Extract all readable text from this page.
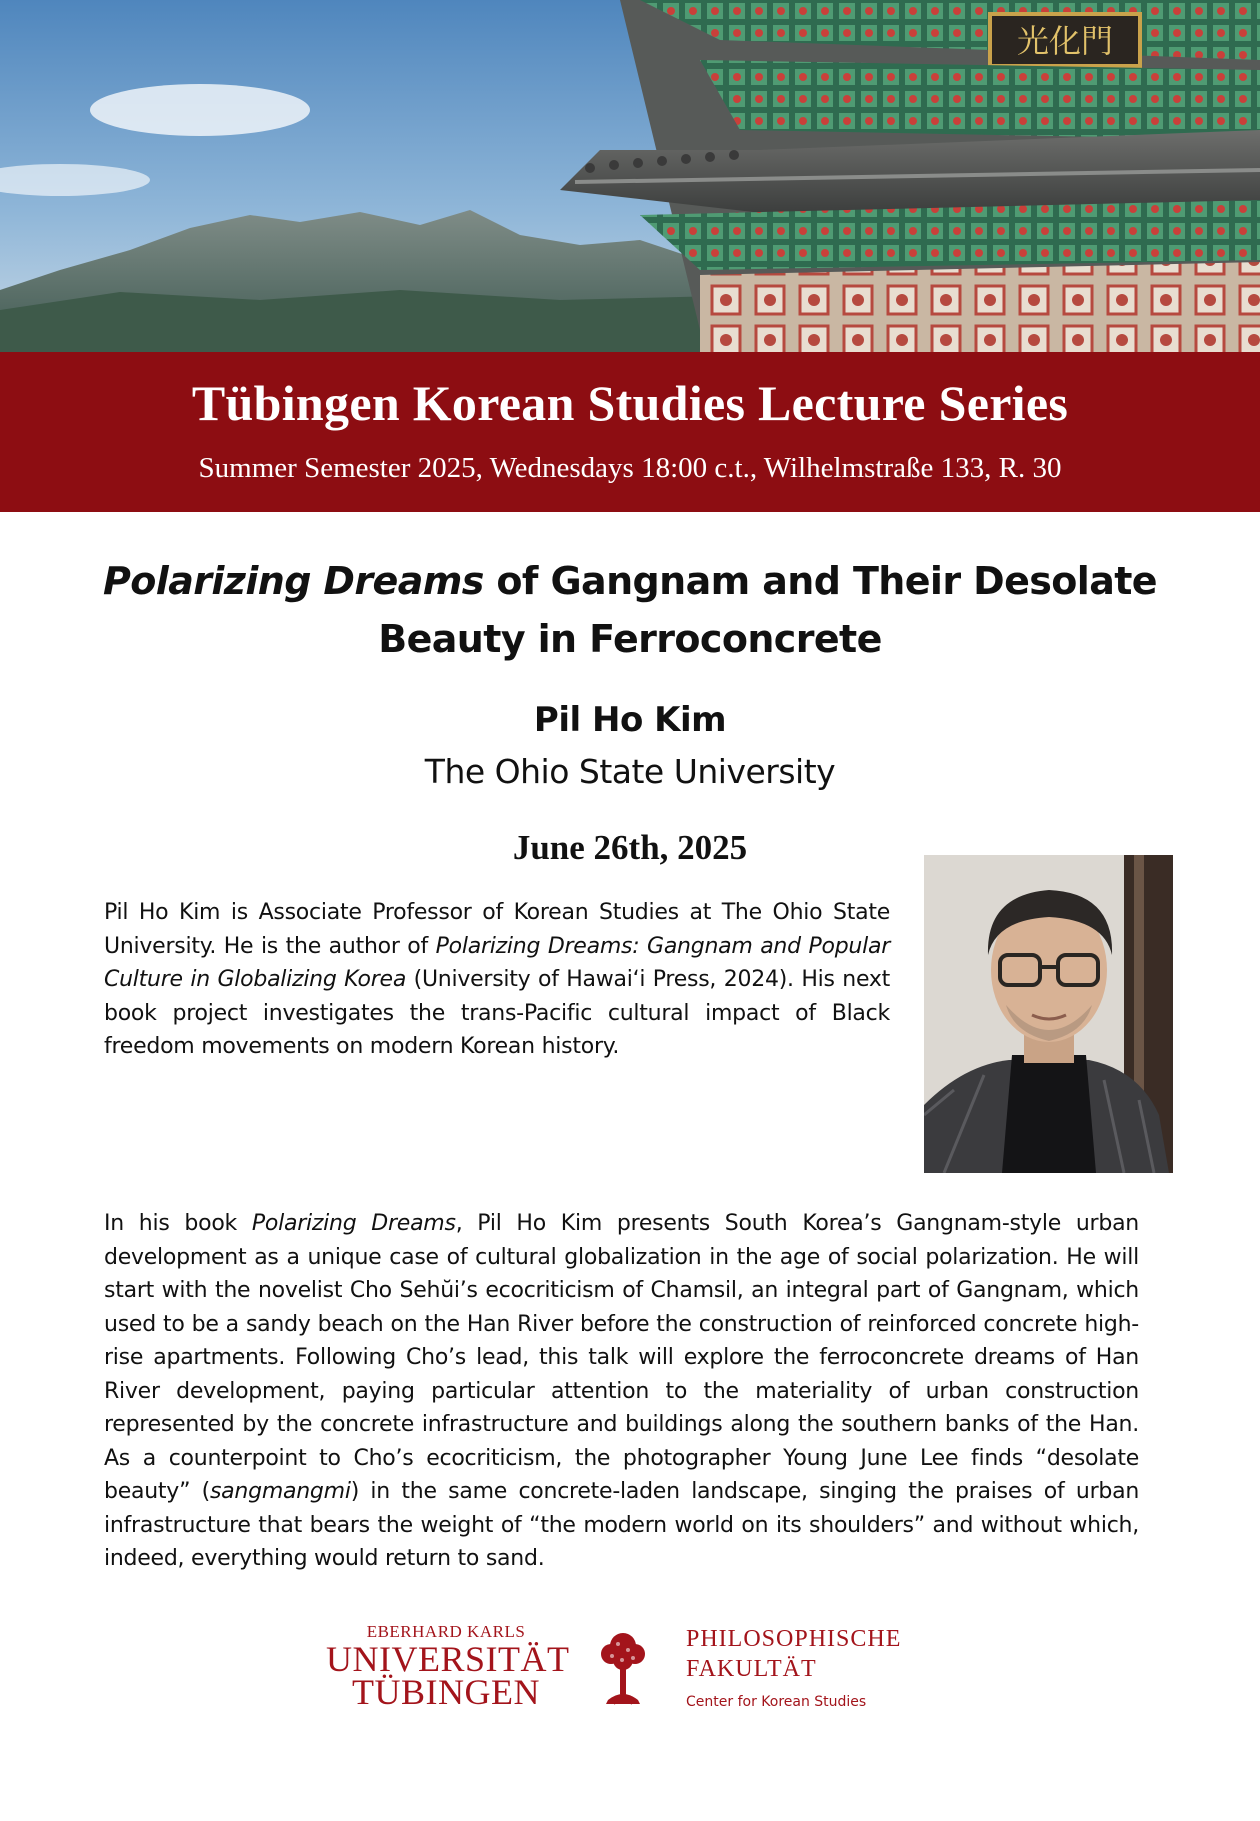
光化門
Tübingen Korean Studies Lecture Series
Summer Semester 2025, Wednesdays 18:00 c.t., Wilhelmstraße 133, R. 30
Polarizing Dreams of Gangnam and Their Desolate Beauty in Ferroconcrete
Pil Ho Kim
The Ohio State University
June 26th, 2025
Pil Ho Kim is Associate Professor of Korean Studies at The Ohio State University. He is the author of Polarizing Dreams: Gangnam and Popular Culture in Globalizing Korea (University of Hawaiʻi Press, 2024). His next book project investigates the trans-Pacific cultural impact of Black freedom movements on modern Korean history.
In his book Polarizing Dreams, Pil Ho Kim presents South Korea’s Gangnam-style urban development as a unique case of cultural globalization in the age of social polarization. He will start with the novelist Cho Sehŭi’s ecocriticism of Chamsil, an integral part of Gangnam, which used to be a sandy beach on the Han River before the construction of reinforced concrete high-rise apartments. Following Cho’s lead, this talk will explore the ferroconcrete dreams of Han River development, paying particular attention to the materiality of urban construction represented by the concrete infrastructure and buildings along the southern banks of the Han. As a counterpoint to Cho’s ecocriticism, the photographer Young June Lee finds “desolate beauty” (sangmangmi) in the same concrete-laden landscape, singing the praises of urban infrastructure that bears the weight of “the modern world on its shoulders” and without which, indeed, everything would return to sand.
EBERHARD KARLS
UNIVERSITÄT
TÜBINGEN
PHILOSOPHISCHE
FAKULTÄT
Center for Korean Studies
